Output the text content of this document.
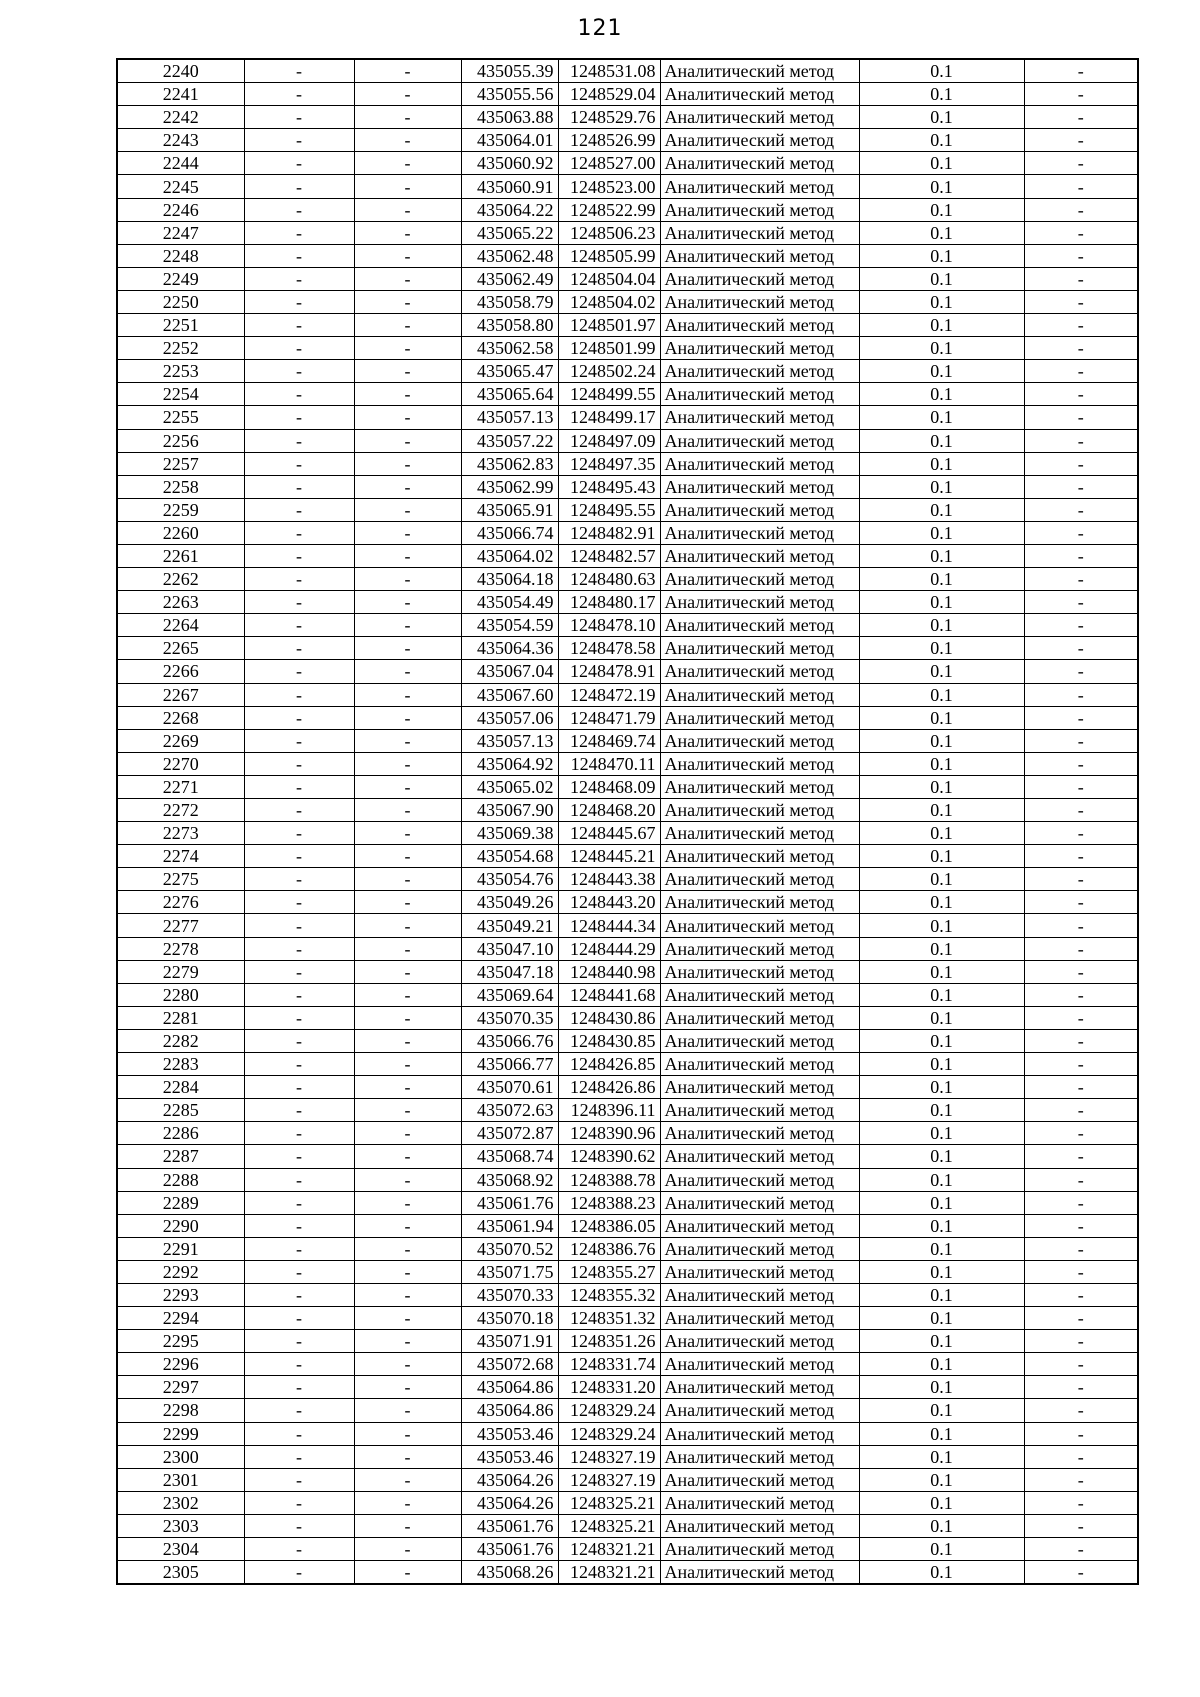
121
2240	-	-	435055.39	1248531.08	Аналитический метод	0.1	-
2241	-	-	435055.56	1248529.04	Аналитический метод	0.1	-
2242	-	-	435063.88	1248529.76	Аналитический метод	0.1	-
2243	-	-	435064.01	1248526.99	Аналитический метод	0.1	-
2244	-	-	435060.92	1248527.00	Аналитический метод	0.1	-
2245	-	-	435060.91	1248523.00	Аналитический метод	0.1	-
2246	-	-	435064.22	1248522.99	Аналитический метод	0.1	-
2247	-	-	435065.22	1248506.23	Аналитический метод	0.1	-
2248	-	-	435062.48	1248505.99	Аналитический метод	0.1	-
2249	-	-	435062.49	1248504.04	Аналитический метод	0.1	-
2250	-	-	435058.79	1248504.02	Аналитический метод	0.1	-
2251	-	-	435058.80	1248501.97	Аналитический метод	0.1	-
2252	-	-	435062.58	1248501.99	Аналитический метод	0.1	-
2253	-	-	435065.47	1248502.24	Аналитический метод	0.1	-
2254	-	-	435065.64	1248499.55	Аналитический метод	0.1	-
2255	-	-	435057.13	1248499.17	Аналитический метод	0.1	-
2256	-	-	435057.22	1248497.09	Аналитический метод	0.1	-
2257	-	-	435062.83	1248497.35	Аналитический метод	0.1	-
2258	-	-	435062.99	1248495.43	Аналитический метод	0.1	-
2259	-	-	435065.91	1248495.55	Аналитический метод	0.1	-
2260	-	-	435066.74	1248482.91	Аналитический метод	0.1	-
2261	-	-	435064.02	1248482.57	Аналитический метод	0.1	-
2262	-	-	435064.18	1248480.63	Аналитический метод	0.1	-
2263	-	-	435054.49	1248480.17	Аналитический метод	0.1	-
2264	-	-	435054.59	1248478.10	Аналитический метод	0.1	-
2265	-	-	435064.36	1248478.58	Аналитический метод	0.1	-
2266	-	-	435067.04	1248478.91	Аналитический метод	0.1	-
2267	-	-	435067.60	1248472.19	Аналитический метод	0.1	-
2268	-	-	435057.06	1248471.79	Аналитический метод	0.1	-
2269	-	-	435057.13	1248469.74	Аналитический метод	0.1	-
2270	-	-	435064.92	1248470.11	Аналитический метод	0.1	-
2271	-	-	435065.02	1248468.09	Аналитический метод	0.1	-
2272	-	-	435067.90	1248468.20	Аналитический метод	0.1	-
2273	-	-	435069.38	1248445.67	Аналитический метод	0.1	-
2274	-	-	435054.68	1248445.21	Аналитический метод	0.1	-
2275	-	-	435054.76	1248443.38	Аналитический метод	0.1	-
2276	-	-	435049.26	1248443.20	Аналитический метод	0.1	-
2277	-	-	435049.21	1248444.34	Аналитический метод	0.1	-
2278	-	-	435047.10	1248444.29	Аналитический метод	0.1	-
2279	-	-	435047.18	1248440.98	Аналитический метод	0.1	-
2280	-	-	435069.64	1248441.68	Аналитический метод	0.1	-
2281	-	-	435070.35	1248430.86	Аналитический метод	0.1	-
2282	-	-	435066.76	1248430.85	Аналитический метод	0.1	-
2283	-	-	435066.77	1248426.85	Аналитический метод	0.1	-
2284	-	-	435070.61	1248426.86	Аналитический метод	0.1	-
2285	-	-	435072.63	1248396.11	Аналитический метод	0.1	-
2286	-	-	435072.87	1248390.96	Аналитический метод	0.1	-
2287	-	-	435068.74	1248390.62	Аналитический метод	0.1	-
2288	-	-	435068.92	1248388.78	Аналитический метод	0.1	-
2289	-	-	435061.76	1248388.23	Аналитический метод	0.1	-
2290	-	-	435061.94	1248386.05	Аналитический метод	0.1	-
2291	-	-	435070.52	1248386.76	Аналитический метод	0.1	-
2292	-	-	435071.75	1248355.27	Аналитический метод	0.1	-
2293	-	-	435070.33	1248355.32	Аналитический метод	0.1	-
2294	-	-	435070.18	1248351.32	Аналитический метод	0.1	-
2295	-	-	435071.91	1248351.26	Аналитический метод	0.1	-
2296	-	-	435072.68	1248331.74	Аналитический метод	0.1	-
2297	-	-	435064.86	1248331.20	Аналитический метод	0.1	-
2298	-	-	435064.86	1248329.24	Аналитический метод	0.1	-
2299	-	-	435053.46	1248329.24	Аналитический метод	0.1	-
2300	-	-	435053.46	1248327.19	Аналитический метод	0.1	-
2301	-	-	435064.26	1248327.19	Аналитический метод	0.1	-
2302	-	-	435064.26	1248325.21	Аналитический метод	0.1	-
2303	-	-	435061.76	1248325.21	Аналитический метод	0.1	-
2304	-	-	435061.76	1248321.21	Аналитический метод	0.1	-
2305	-	-	435068.26	1248321.21	Аналитический метод	0.1	-
